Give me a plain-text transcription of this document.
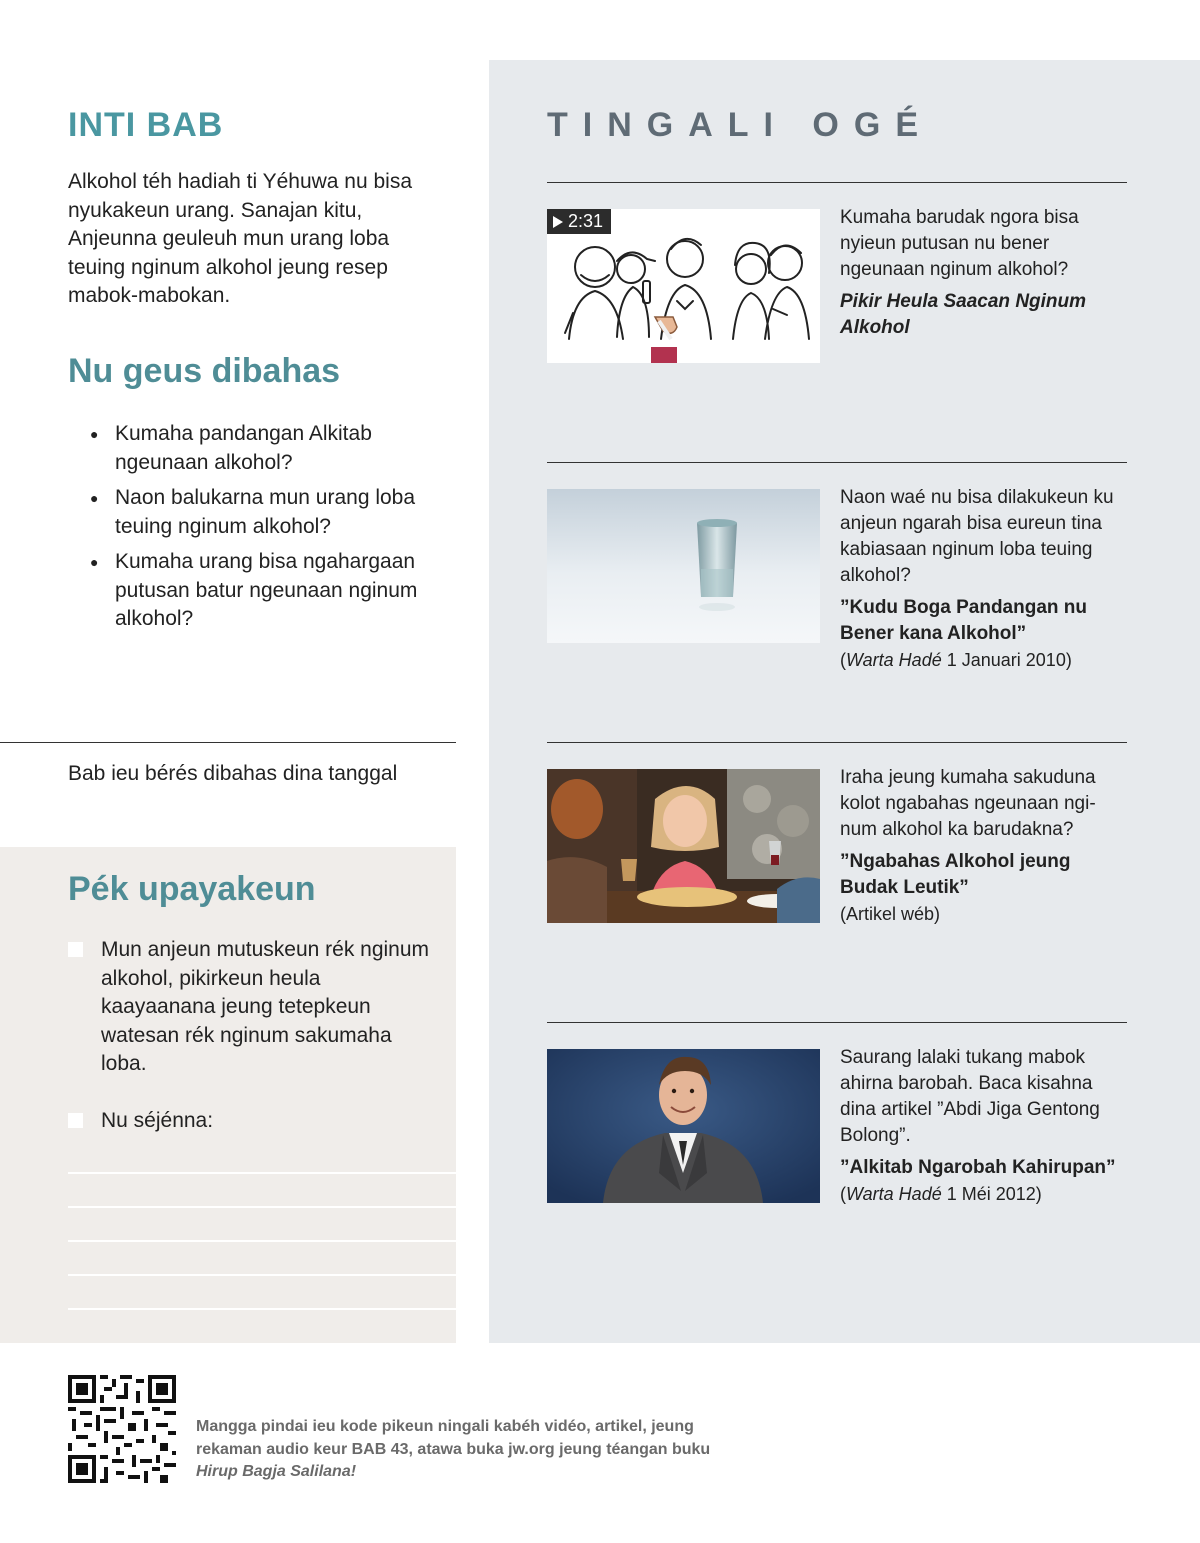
INTI BAB

Alkohol téh hadiah ti Yéhuwa nu bisa nyukakeun urang. Sanajan kitu, Anjeunna geuleuh mun urang loba teuing nginum alkohol jeung resep mabok-mabokan.

Nu geus dibahas
● Kumaha pandangan Alkitab ngeunaan alkohol?
● Naon balukarna mun urang loba teuing nginum alkohol?
● Kumaha urang bisa ngahargaan putusan batur ngeunaan nginum alkohol?

Bab ieu bérés dibahas dina tanggal

Pék upayakeun
Mun anjeun mutuskeun rék nginum alkohol, pikirkeun heula kaayaanana jeung tetepkeun watesan rék nginum sakumaha loba.
Nu séjénna:
TINGALI OGÉ
2:31	Kumaha barudak ngora bisa nyieun putusan nu bener ngeunaan nginum alkohol?

Pikir Heula Saacan Nginum Alkohol

Naon waé nu bisa dilakukeun ku anjeun ngarah bisa eureun tina kabiasaan nginum loba teuing alkohol?

”Kudu Boga Pandangan nu Bener kana Alkohol”

(Warta Hadé 1 Januari 2010)

Iraha jeung kumaha sakuduna kolot ngabahas ngeunaan ngi-num alkohol ka barudakna?

”Ngabahas Alkohol jeung Budak Leutik”

(Artikel wéb)

Saurang lalaki tukang mabok ahirna barobah. Baca kisahna dina artikel ”Abdi Jiga Gentong Bolong”.

”Alkitab Ngarobah Kahirupan”

(Warta Hadé 1 Méi 2012)

Mangga pindai ieu kode pikeun ningali kabéh vidéo, artikel, jeung rekaman audio keur BAB 43, atawa buka jw.org jeung téangan buku Hirup Bagja Salilana!
